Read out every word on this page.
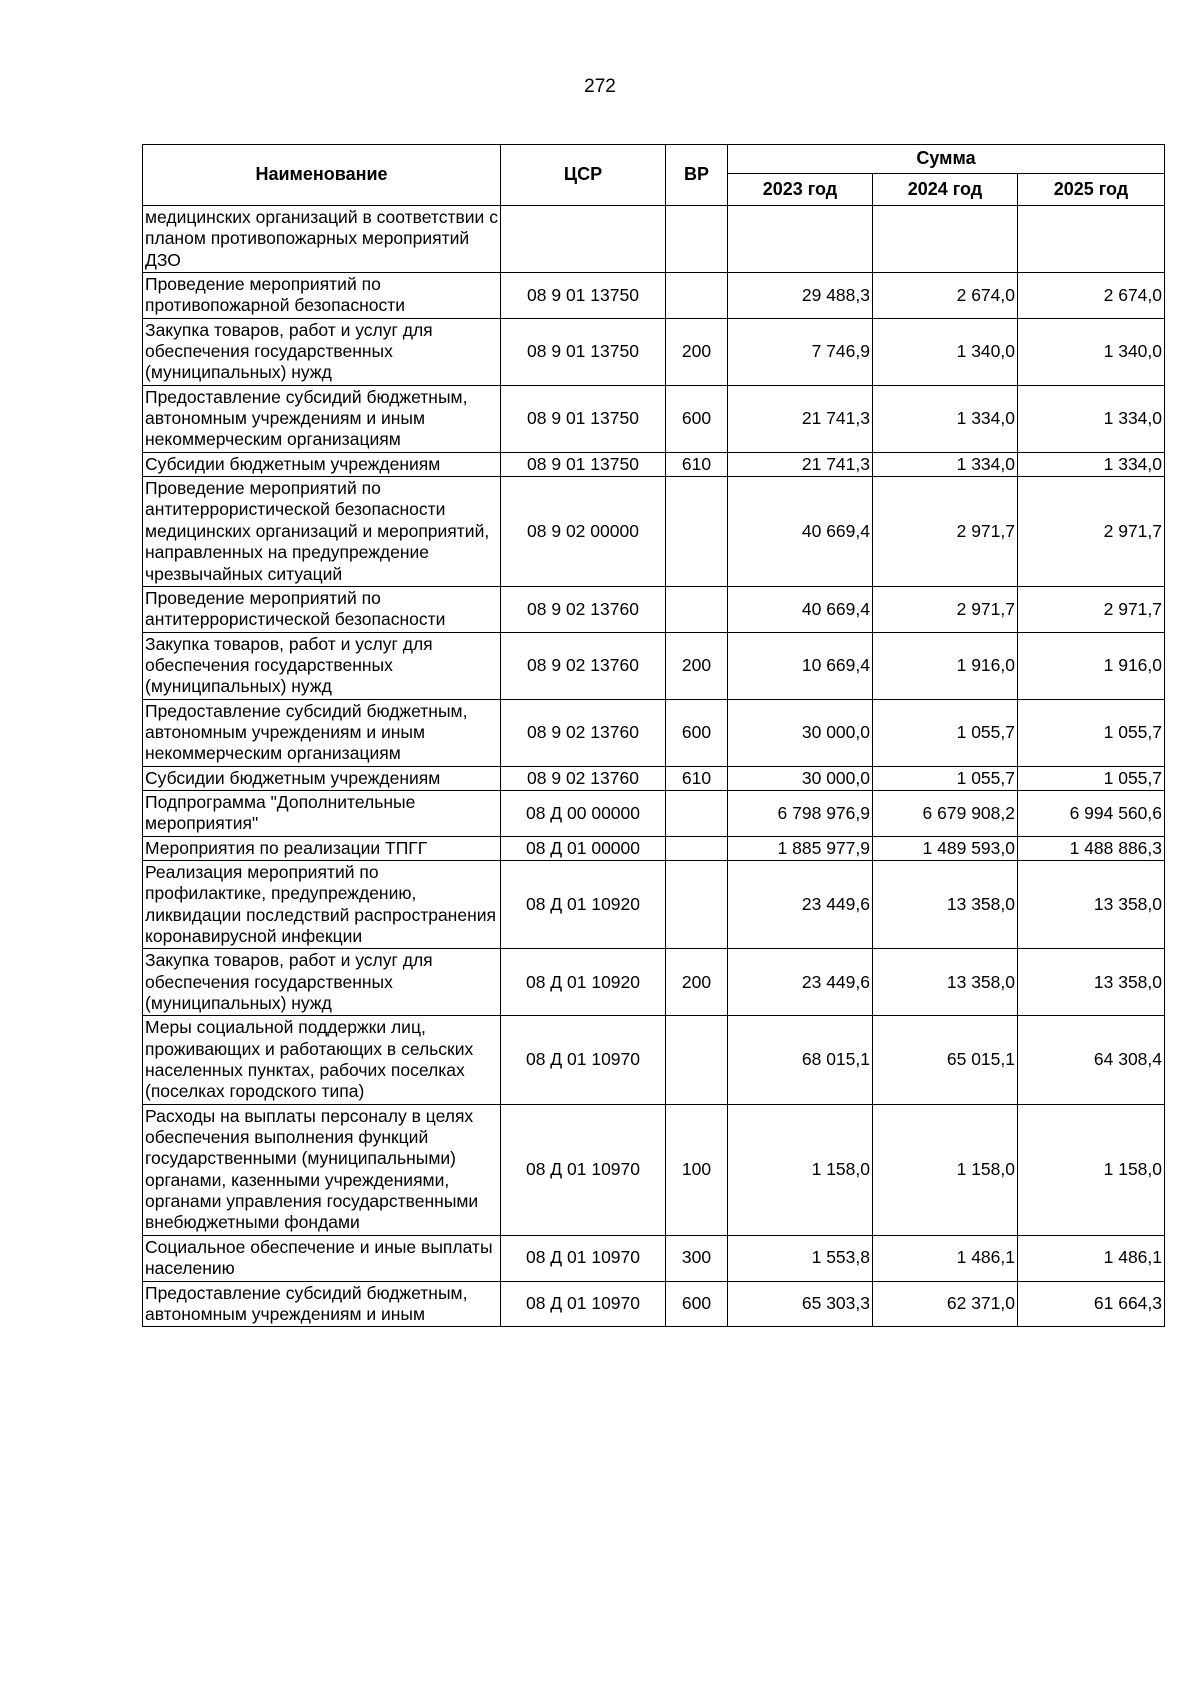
272
Наименование	ЦСР	ВР	Сумма		
			2023 год	2024 год	2025 год
медицинских организаций в соответствии с планом противопожарных мероприятий ДЗО					
Проведение мероприятий по противопожарной безопасности	08 9 01 13750		29 488,3	2 674,0	2 674,0
Закупка товаров, работ и услуг для обеспечения государственных (муниципальных) нужд	08 9 01 13750	200	7 746,9	1 340,0	1 340,0
Предоставление субсидий бюджетным, автономным учреждениям и иным некоммерческим организациям	08 9 01 13750	600	21 741,3	1 334,0	1 334,0
Субсидии бюджетным учреждениям	08 9 01 13750	610	21 741,3	1 334,0	1 334,0
Проведение мероприятий по антитеррористической безопасности медицинских организаций и мероприятий, направленных на предупреждение чрезвычайных ситуаций	08 9 02 00000		40 669,4	2 971,7	2 971,7
Проведение мероприятий по антитеррористической безопасности	08 9 02 13760		40 669,4	2 971,7	2 971,7
Закупка товаров, работ и услуг для обеспечения государственных (муниципальных) нужд	08 9 02 13760	200	10 669,4	1 916,0	1 916,0
Предоставление субсидий бюджетным, автономным учреждениям и иным некоммерческим организациям	08 9 02 13760	600	30 000,0	1 055,7	1 055,7
Субсидии бюджетным учреждениям	08 9 02 13760	610	30 000,0	1 055,7	1 055,7
Подпрограмма "Дополнительные мероприятия"	08 Д 00 00000		6 798 976,9	6 679 908,2	6 994 560,6
Мероприятия по реализации ТПГГ	08 Д 01 00000		1 885 977,9	1 489 593,0	1 488 886,3
Реализация мероприятий по профилактике, предупреждению, ликвидации последствий распространения коронавирусной инфекции	08 Д 01 10920		23 449,6	13 358,0	13 358,0
Закупка товаров, работ и услуг для обеспечения государственных (муниципальных) нужд	08 Д 01 10920	200	23 449,6	13 358,0	13 358,0
Меры социальной поддержки лиц, проживающих и работающих в сельских населенных пунктах, рабочих поселках (поселках городского типа)	08 Д 01 10970		68 015,1	65 015,1	64 308,4
Расходы на выплаты персоналу в целях обеспечения выполнения функций государственными (муниципальными) органами, казенными учреждениями, органами управления государственными внебюджетными фондами	08 Д 01 10970	100	1 158,0	1 158,0	1 158,0
Социальное обеспечение и иные выплаты населению	08 Д 01 10970	300	1 553,8	1 486,1	1 486,1
Предоставление субсидий бюджетным, автономным учреждениям и иным	08 Д 01 10970	600	65 303,3	62 371,0	61 664,3
